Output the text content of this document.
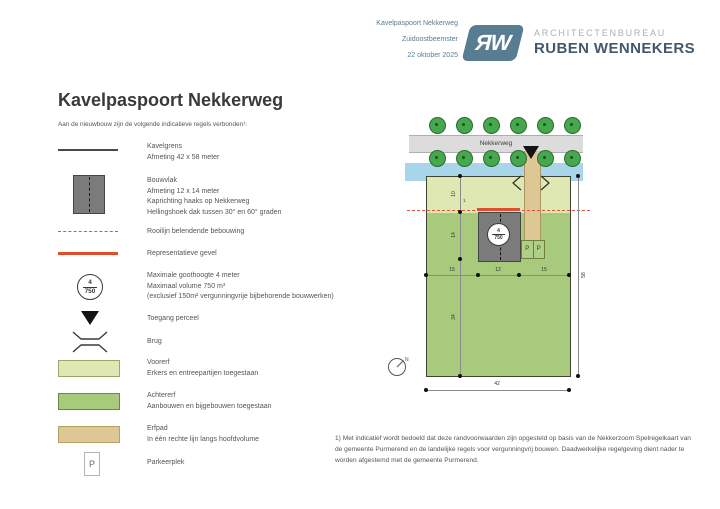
Kavelpaspoort Nekkerweg
Zuidoostbeemster
22 oktober 2025
ЯW ARCHITECTENBUREAU
RUBEN WENNEKERS
Kavelpaspoort Nekkerweg
Aan de nieuwbouw zijn de volgende indicatieve regels verbonden¹:
Kavelgrens
Afmeting 42 x 58 meter
Bouwvlak
Afmeting 12 x 14 meter
Kaprichting haaks op Nekkerweg
Hellingshoek dak tussen 30° en 60° graden
Rooilijn belendende bebouwing
Representatieve gevel
4
750
Maximale goothoogte 4 meter
Maximaal volume 750 m³
(exclusief 150m² vergunningvrije bijbehorende bouwwerken)
Toegang perceel
Brug
Voorerf
Erkers en entreepartijen toegestaan
Achtererf
Aanbouwen en bijgebouwen toegestaan
Erfpad
In één rechte lijn langs hoofdvolume
P	Parkeerplek
Nekkerweg
4
750
P	P
10
1
14
34
15	12	15
58
42
N
1) Met indicatief wordt bedoeld dat deze randvoorwaarden zijn opgesteld op basis van de Nekkerzoom Spelregelkaart van de gemeente Purmerend en de landelijke regels voor vergunningvrij bouwen. Daadwerkelijke regelgeving dient nader te worden afgestemd met de gemeente Purmerend.
